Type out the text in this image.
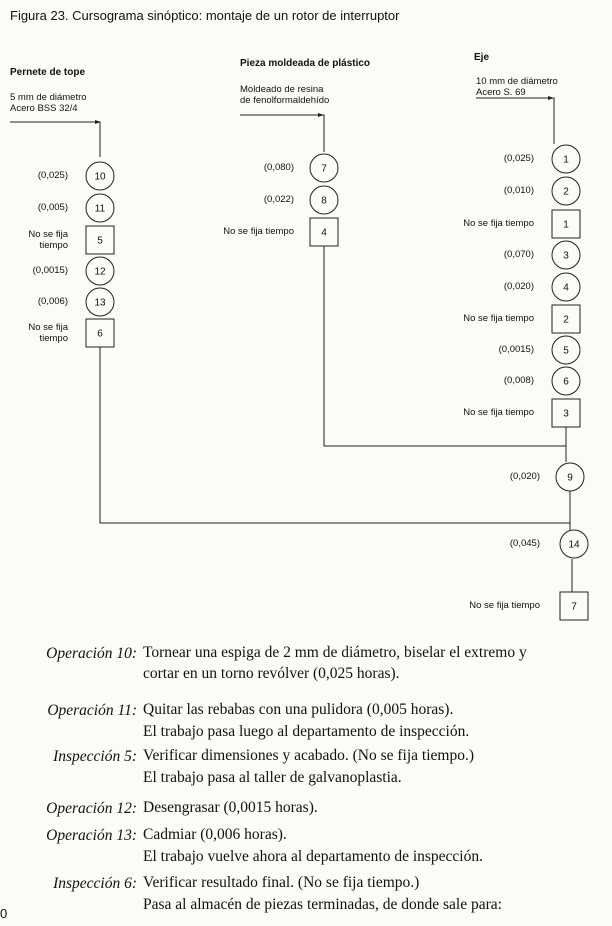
Figura 23. Cursograma sinóptico: montaje de un rotor de interruptor
Pernete de tope
5 mm de diámetro
Acero BSS 32/4
Pieza moldeada de plástico
Moldeado de resina
de fenolformaldehído
Eje
10 mm de diámetro
Acero S. 69
10
11
5
12
13
6
7
8
4
1
2
1
3
4
2
5
6
3
9
14
7
(0,025)
(0,005)
No se fija tiempo
(0,0015)
(0,006)
No se fija tiempo
(0,080)
(0,022)
No se fija tiempo
(0,025)
(0,010)
No se fija tiempo
(0,070)
(0,020)
No se fija tiempo
(0,0015)
(0,008)
No se fija tiempo
(0,020)
(0,045)
No se fija tiempo
Operación 10: Tornear una espiga de 2 mm de diámetro, biselar el extremo y
cortar en un torno revólver (0,025 horas).
Operación 11: Quitar las rebabas con una pulidora (0,005 horas).
El trabajo pasa luego al departamento de inspección.
Inspección 5: Verificar dimensiones y acabado. (No se fija tiempo.)
El trabajo pasa al taller de galvanoplastia.
Operación 12: Desengrasar (0,0015 horas).
Operación 13: Cadmiar (0,006 horas).
El trabajo vuelve ahora al departamento de inspección.
Inspección 6: Verificar resultado final. (No se fija tiempo.)
Pasa al almacén de piezas terminadas, de donde sale para:
0
